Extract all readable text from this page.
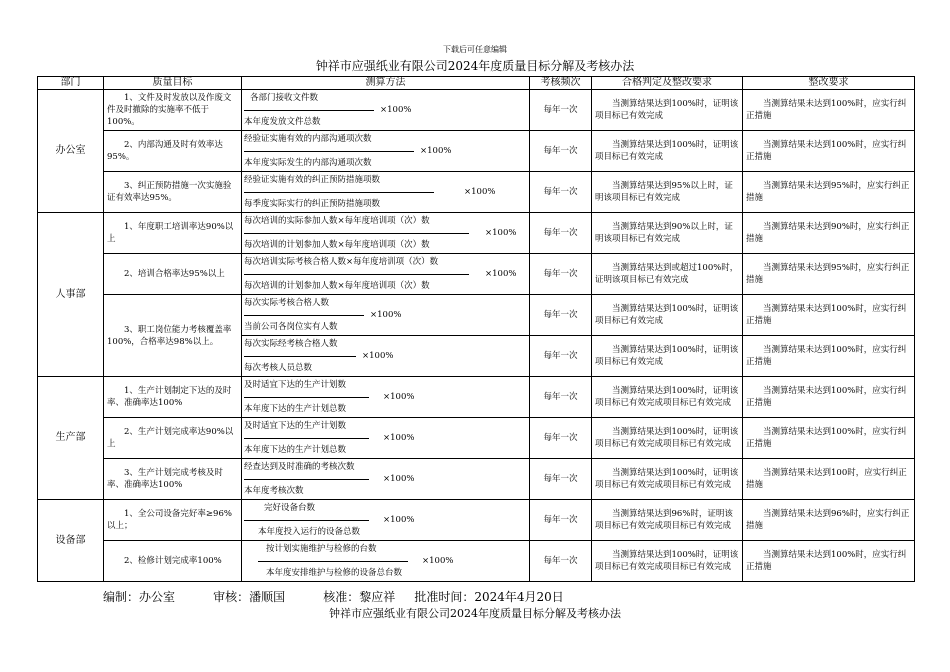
下载后可任意编辑
钟祥市应强纸业有限公司2024年度质量目标分解及考核办法
部门	质量目标	测算方法	考核频次	合格判定及整改要求	整改要求
办公室	1、文件及时发放以及作废文件及时撤除的实施率不低于100%。	各部门接收文件数
×100%
本年度发放文件总数	每年一次	当测算结果达到100%时，证明该项目标已有效完成	当测算结果未达到100%时，应实行纠正措施
	2、内部沟通及时有效率达95%。	经验证实施有效的内部沟通项次数
×100%
本年度实际发生的内部沟通项次数	每年一次	当测算结果达到100%时，证明该项目标已有效完成	当测算结果未达到100%时，应实行纠正措施
	3、纠正预防措施一次实施验证有效率达95%。	经验证实施有效的纠正预防措施项数
×100%
每季度实际实行的纠正预防措施项数	每年一次	当测算结果达到95%以上时，证明该项目标已有效完成	当测算结果未达到95%时，应实行纠正措施
人事部	1、年度职工培训率达90%以上	每次培训的实际参加人数×每年度培训项（次）数
×100%
每次培训的计划参加人数×每年度培训项（次）数	每年一次	当测算结果达到90%以上时，证明该项目标已有效完成	当测算结果未达到90%时，应实行纠正措施
	2、培训合格率达95%以上	每次培训实际考核合格人数×每年度培训项（次）数
×100%
每次培训的计划参加人数×每年度培训项（次）数	每年一次	当测算结果达到或超过100%时，证明该项目标已有效完成	当测算结果未达到95%时，应实行纠正措施
	3、职工岗位能力考核覆盖率100%，合格率达98%以上。	每次实际考核合格人数
×100%
当前公司各岗位实有人数	每年一次	当测算结果达到100%时，证明该项目标已有效完成	当测算结果未达到100%时，应实行纠正措施

		每次实际经考核合格人数
×100%
每次考核人员总数	每年一次	当测算结果达到100%时，证明该项目标已有效完成	当测算结果未达到100%时，应实行纠正措施
生产部	1、生产计划制定下达的及时率、准确率达100%	及时适宜下达的生产计划数
×100%
本年度下达的生产计划总数	每年一次	当测算结果达到100%时，证明该项目标已有效完成项目标已有效完成	当测算结果未达到100%时，应实行纠正措施
	2、生产计划完成率达90%以上	及时适宜下达的生产计划数
×100%
本年度下达的生产计划总数	每年一次	当测算结果达到100%时，证明该项目标已有效完成项目标已有效完成	当测算结果未达到100%时，应实行纠正措施
	3、生产计划完成考核及时率、准确率达100%	经查达到及时准确的考核次数
×100%
本年度考核次数	每年一次	当测算结果达到100%时，证明该项目标已有效完成项目标已有效完成	当测算结果未达到100时，应实行纠正措施
设备部	1、全公司设备完好率≥96%以上；	完好设备台数
×100%
本年度投入运行的设备总数	每年一次	当测算结果达到96%时，证明该项目标已有效完成项目标已有效完成	当测算结果未达到96%时，应实行纠正措施
	2、检修计划完成率100%	按计划实施维护与检修的台数
×100%
本年度安排维护与检修的设备总台数	每年一次	当测算结果达到100%时，证明该项目标已有效完成项目标已有效完成	当测算结果未达到100%时，应实行纠正措施
编制：办公室          审核：潘顺国          核准：黎应祥     批准时间：2024年4月20日
钟祥市应强纸业有限公司2024年度质量目标分解及考核办法
